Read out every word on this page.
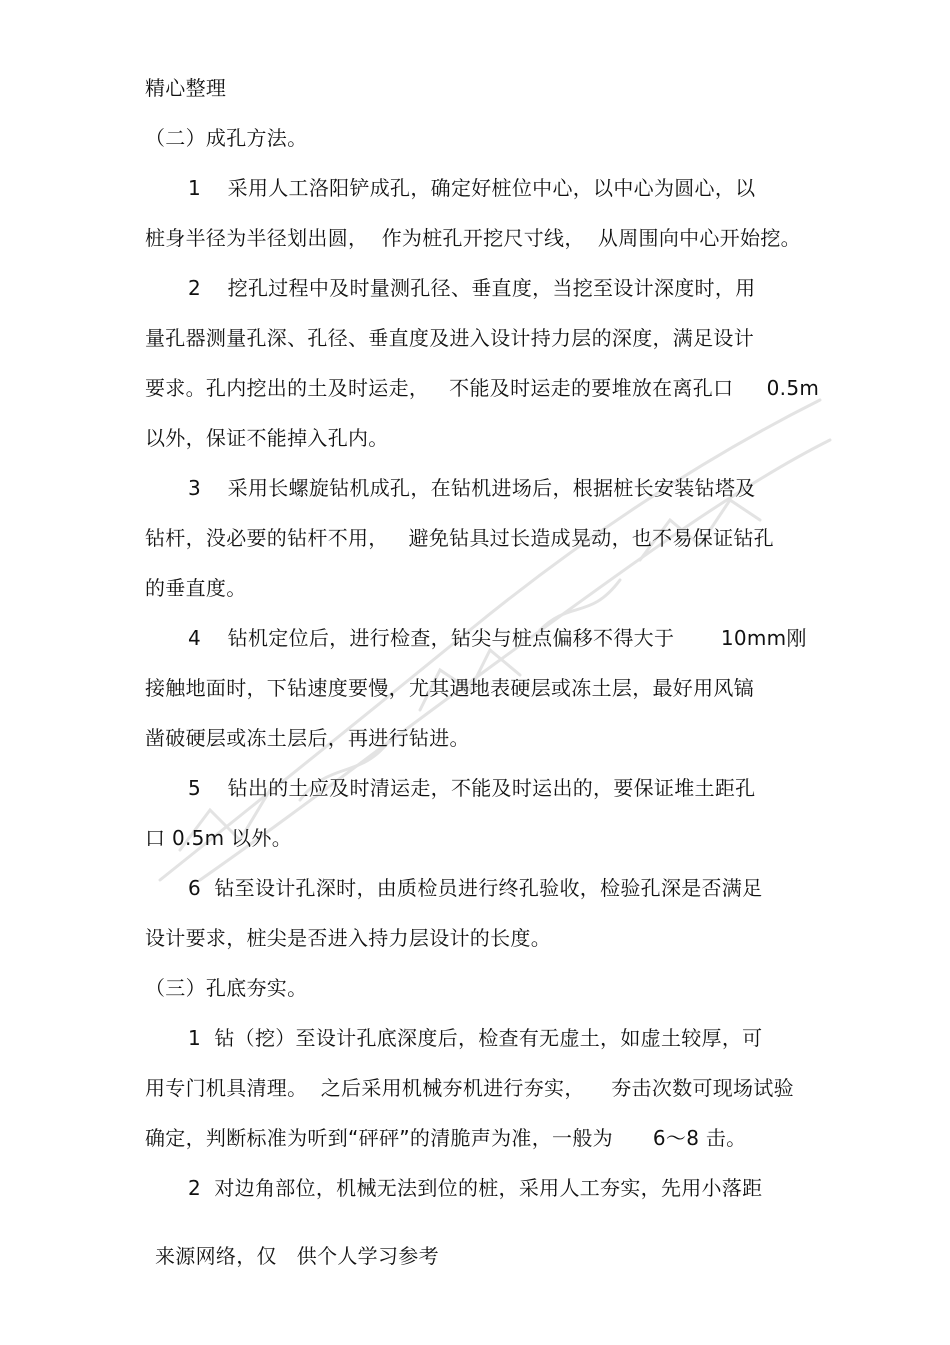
精心整理
（二）成孔方法。
1    采用人工洛阳铲成孔，确定好桩位中心，以中心为圆心，以
桩身半径为半径划出圆，  作为桩孔开挖尺寸线，  从周围向中心开始挖。
2    挖孔过程中及时量测孔径、垂直度，当挖至设计深度时，用
量孔器测量孔深、孔径、垂直度及进入设计持力层的深度，满足设计
要求。孔内挖出的土及时运走，   不能及时运走的要堆放在离孔口     0.5m
以外，保证不能掉入孔内。
3    采用长螺旋钻机成孔，在钻机进场后，根据桩长安装钻塔及
钻杆，没必要的钻杆不用，   避免钻具过长造成晃动，也不易保证钻孔
的垂直度。
4    钻机定位后，进行检查，钻尖与桩点偏移不得大于       10mm刚
接触地面时，下钻速度要慢，尤其遇地表硬层或冻土层，最好用风镐
凿破硬层或冻土层后，再进行钻进。
5    钻出的土应及时清运走，不能及时运出的，要保证堆土距孔
口 0.5m 以外。
6  钻至设计孔深时，由质检员进行终孔验收，检验孔深是否满足
设计要求，桩尖是否进入持力层设计的长度。
（三）孔底夯实。
1  钻（挖）至设计孔底深度后，检查有无虚土，如虚土较厚，可
用专门机具清理。  之后采用机械夯机进行夯实，    夯击次数可现场试验
确定，判断标准为听到“砰砰”的清脆声为准，一般为      6～8 击。
2  对边角部位，机械无法到位的桩，采用人工夯实，先用小落距
来源网络，仅   供个人学习参考
